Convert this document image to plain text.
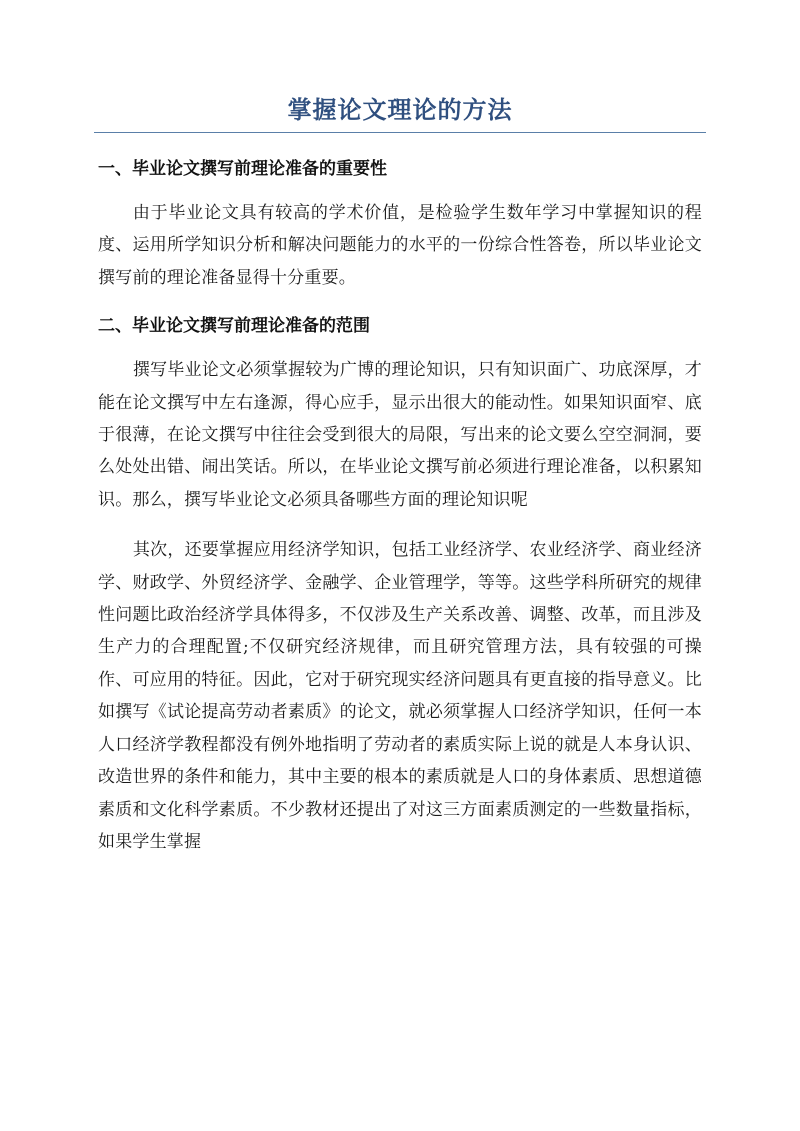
掌握论文理论的方法
一、毕业论文撰写前理论准备的重要性

由于毕业论文具有较高的学术价值，是检验学生数年学习中掌握知识的程度、运用所学知识分析和解决问题能力的水平的一份综合性答卷，所以毕业论文撰写前的理论准备显得十分重要。

二、毕业论文撰写前理论准备的范围

撰写毕业论文必须掌握较为广博的理论知识，只有知识面广、功底深厚，才能在论文撰写中左右逢源，得心应手，显示出很大的能动性。如果知识面窄、底于很薄，在论文撰写中往往会受到很大的局限，写出来的论文要么空空洞洞，要么处处出错、闹出笑话。所以，在毕业论文撰写前必须进行理论准备，以积累知识。那么，撰写毕业论文必须具备哪些方面的理论知识呢

其次，还要掌握应用经济学知识，包括工业经济学、农业经济学、商业经济学、财政学、外贸经济学、金融学、企业管理学，等等。这些学科所研究的规律性问题比政治经济学具体得多，不仅涉及生产关系改善、调整、改革，而且涉及生产力的合理配置;不仅研究经济规律，而且研究管理方法，具有较强的可操作、可应用的特征。因此，它对于研究现实经济问题具有更直接的指导意义。比如撰写《试论提高劳动者素质》的论文，就必须掌握人口经济学知识，任何一本人口经济学教程都没有例外地指明了劳动者的素质实际上说的就是人本身认识、改造世界的条件和能力，其中主要的根本的素质就是人口的身体素质、思想道德素质和文化科学素质。不少教材还提出了对这三方面素质测定的一些数量指标，如果学生掌握
